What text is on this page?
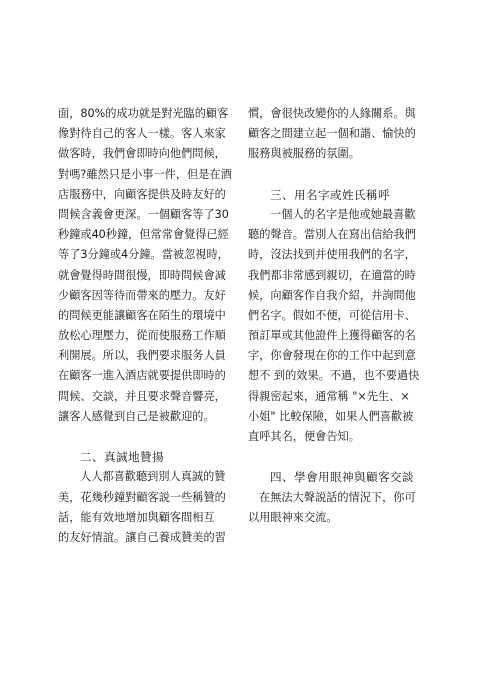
面，80%的成功就是對光臨的顧客
像對待自己的客人一樣。客人來家
做客時，我們會即時向他們問候，
對嗎?雖然只是小事一件，但是在酒
店服務中，向顧客提供及時友好的
問候含義會更深。一個顧客等了30
秒鐘或40秒鐘，但常常會覺得已經
等了3分鐘或4分鐘。當被忽視時，
就會覺得時間很慢，即時問候會减
少顧客因等待而帶來的壓力。友好
的問候更能讓顧客在陌生的環境中
放松心理壓力，從而使服務工作順
利開展。所以，我們要求服务人員
在顧客一進入酒店就要提供即時的
問候、交談，并且要求聲音響亮，
讓客人感覺到自己是被歡迎的。
二、真誠地贊揚
人人都喜歡聽到別人真誠的贊
美，花幾秒鐘對顧客説一些稱贊的
話，能有效地增加與顧客間相互
的友好情誼。讓自己養成贊美的習
慣，會很快改變你的人緣關系。與
顧客之間建立起一個和諧、愉快的
服務與被服務的氛圍。
三、用名字或姓氏稱呼
一個人的名字是他或她最喜歡
聽的聲音。當別人在寫出信給我們
時，沒法找到并使用我們的名字，
我們都非常感到親切，在適當的時
候，向顧客作自我介紹，并詢問他
們名字。假如不便，可從信用卡、
預訂單或其他證件上獲得顧客的名
字，你會發現在你的工作中起到意
想不 到的效果。不過，也不要過快
得親密起來，通常稱 "×先生、×
小姐" 比較保險，如果人們喜歡被
直呼其名，便會告知。
四、學會用眼神與顧客交談
在無法大聲説話的情況下，你可
以用眼神來交流。
